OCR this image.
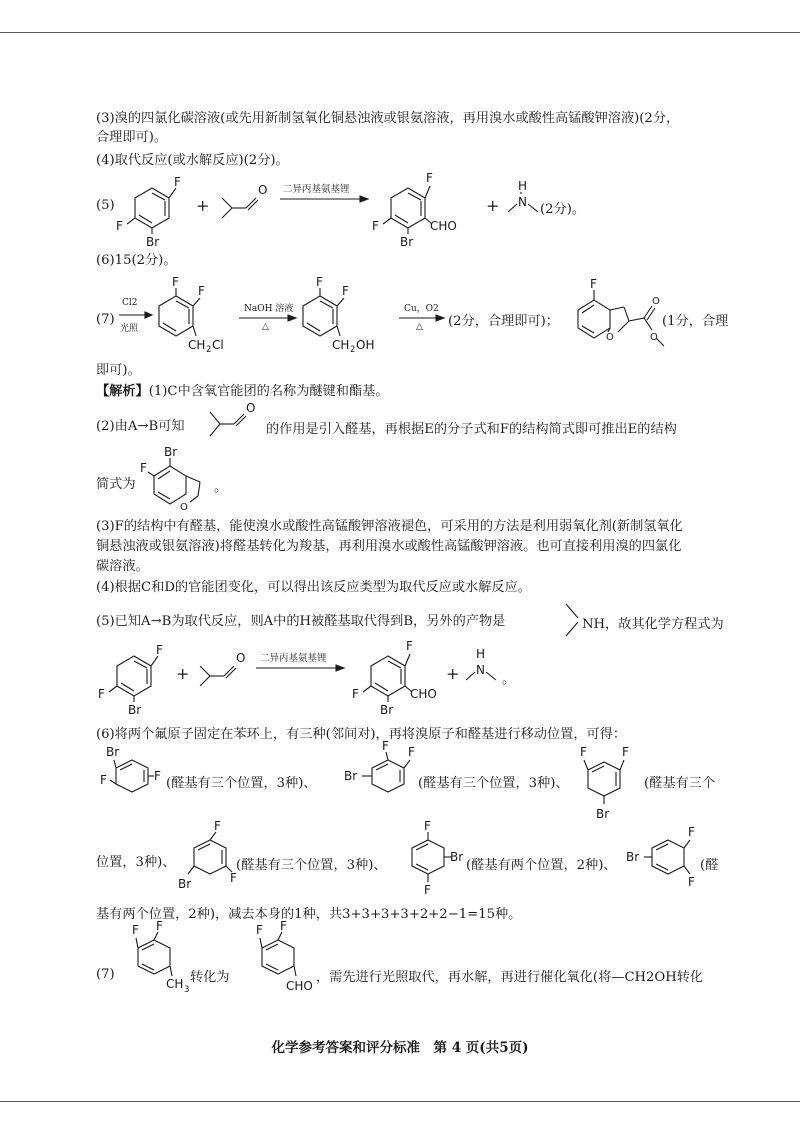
(3)溴的四氯化碳溶液(或先用新制氢氧化铜悬浊液或银氨溶液，再用溴水或酸性高锰酸钾溶液)(2分，
合理即可)。
(4)取代反应(或水解反应)(2分)。
(5)
F
F
Br
+
O 二异丙基氨基锂
F
F
Br
CHO
+
H
N (2分)。
(6)15(2分)。
(7)
Cl2
光照
F
F
CH 2 Cl
NaOH 溶液
△
F
F
CH 2 OH
Cu，O2
△ (2分，合理即可)；
F
O
O
O
(1分，合理
即可)。
【解析】(1)C中含氧官能团的名称为醚键和酯基。
(2)由A→B可知
O
的作用是引入醛基，再根据E的分子式和F的结构简式即可推出E的结构
简式为
Br
F
O
。
(3)F的结构中有醛基，能使溴水或酸性高锰酸钾溶液褪色，可采用的方法是利用弱氧化剂(新制氢氧化
铜悬浊液或银氨溶液)将醛基转化为羧基，再利用溴水或酸性高锰酸钾溶液。也可直接利用溴的四氯化
碳溶液。
(4)根据C和D的官能团变化，可以得出该反应类型为取代反应或水解反应。
(5)已知A→B为取代反应，则A中的H被醛基取代得到B，另外的产物是	NH，故其化学方程式为
F
F
Br
+
O 二异丙基氨基锂
F
F
Br
CHO
+
H
N
。
(6)将两个氟原子固定在苯环上，有三种(邻间对)，再将溴原子和醛基进行移动位置，可得：
Br
F	F (醛基有三个位置，3种)、 Br
F F
(醛基有三个位置，3种)、
F	F
Br
(醛基有三个
位置，3种)、
F
Br	F
(醛基有三个位置，3种)、
F
Br
F
(醛基有两个位置，2种)、
Br
F
F
(醛
基有两个位置，2种)，减去本身的1种，共3+3+3+3+2+2−1=15种。
(7)
F F
CH 3
转化为
F F
CHO
，需先进行光照取代，再水解，再进行催化氧化(将—CH2OH转化
化学参考答案和评分标准　第 4 页(共5页)
